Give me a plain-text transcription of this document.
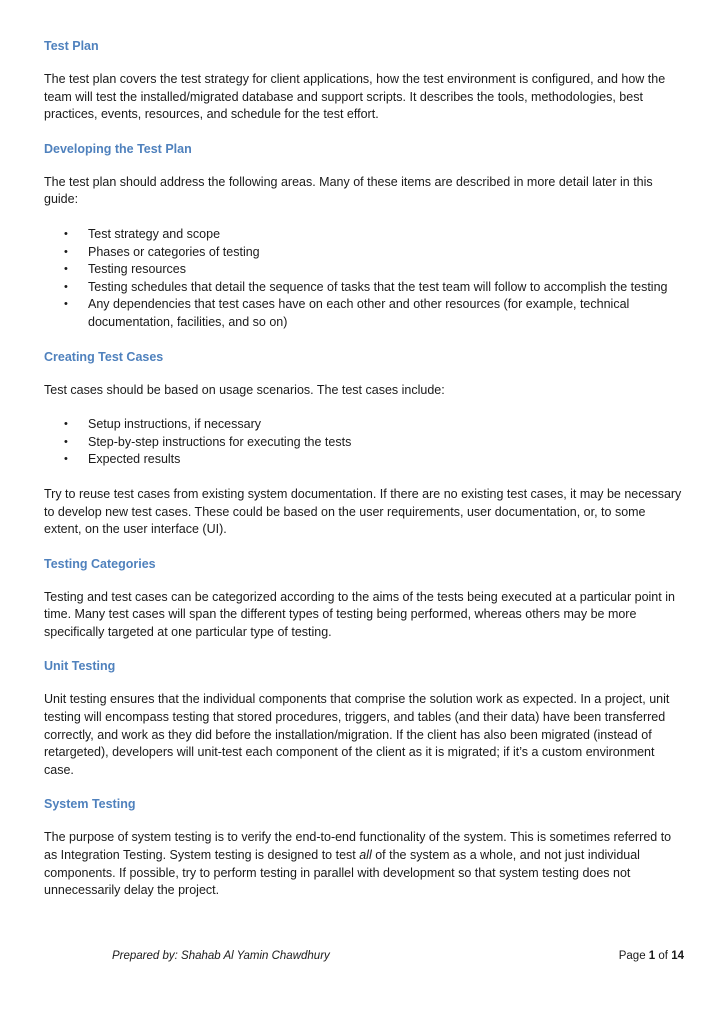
Test Plan

The test plan covers the test strategy for client applications, how the test environment is configured, and how the team will test the installed/migrated database and support scripts. It describes the tools, methodologies, best practices, events, resources, and schedule for the test effort.

Developing the Test Plan

The test plan should address the following areas. Many of these items are described in more detail later in this guide:

• Test strategy and scope
• Phases or categories of testing
• Testing resources
• Testing schedules that detail the sequence of tasks that the test team will follow to accomplish the testing
• Any dependencies that test cases have on each other and other resources (for example, technical documentation, facilities, and so on)
Creating Test Cases

Test cases should be based on usage scenarios. The test cases include:

• Setup instructions, if necessary
• Step-by-step instructions for executing the tests
• Expected results

Try to reuse test cases from existing system documentation. If there are no existing test cases, it may be necessary to develop new test cases. These could be based on the user requirements, user documentation, or, to some extent, on the user interface (UI).

Testing Categories

Testing and test cases can be categorized according to the aims of the tests being executed at a particular point in time. Many test cases will span the different types of testing being performed, whereas others may be more specifically targeted at one particular type of testing.

Unit Testing

Unit testing ensures that the individual components that comprise the solution work as expected. In a project, unit testing will encompass testing that stored procedures, triggers, and tables (and their data) have been transferred correctly, and work as they did before the installation/migration. If the client has also been migrated (instead of retargeted), developers will unit-test each component of the client as it is migrated; if it’s a custom environment case.

System Testing

The purpose of system testing is to verify the end-to-end functionality of the system. This is sometimes referred to as Integration Testing. System testing is designed to test all of the system as a whole, and not just individual components. If possible, try to perform testing in parallel with development so that system testing does not unnecessarily delay the project.

Prepared by: Shahab Al Yamin Chawdhury	Page 1 of 14
